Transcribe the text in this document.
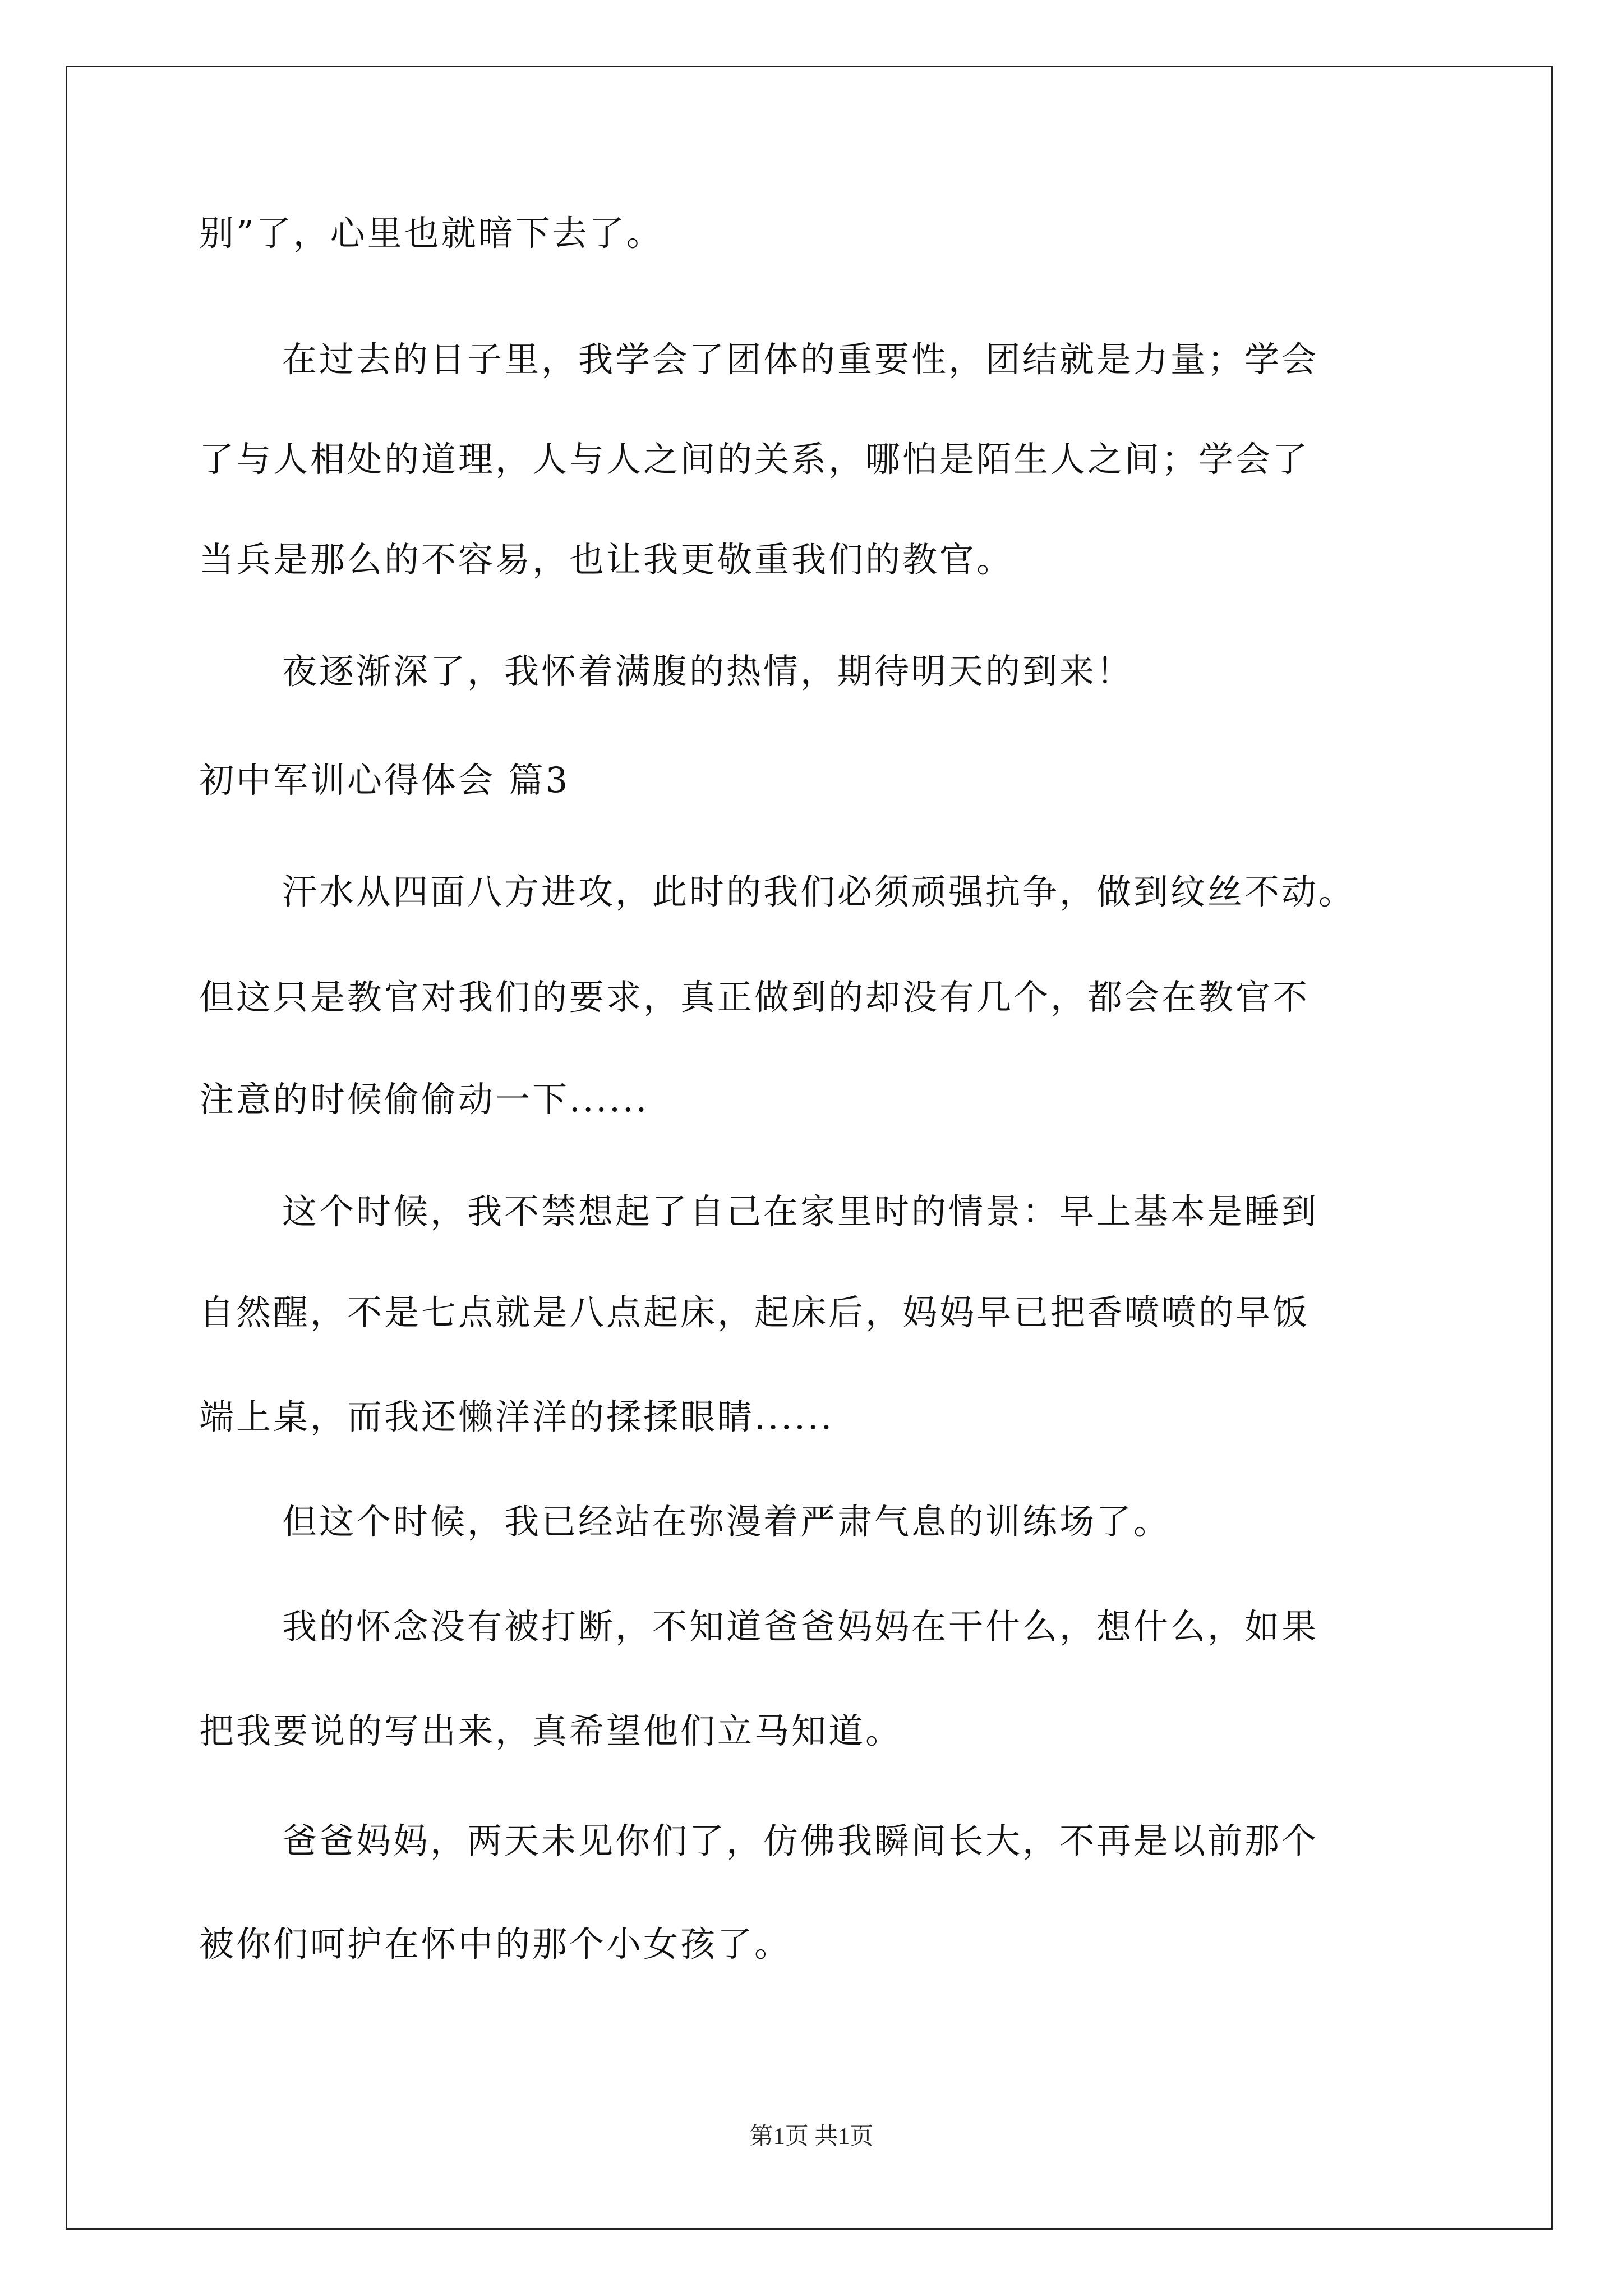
别”了，心里也就暗下去了。
在过去的日子里，我学会了团体的重要性，团结就是力量；学会
了与人相处的道理，人与人之间的关系，哪怕是陌生人之间；学会了
当兵是那么的不容易，也让我更敬重我们的教官。
夜逐渐深了，我怀着满腹的热情，期待明天的到来！
初中军训心得体会 篇3
汗水从四面八方进攻，此时的我们必须顽强抗争，做到纹丝不动。
但这只是教官对我们的要求，真正做到的却没有几个，都会在教官不
注意的时候偷偷动一下......
这个时候，我不禁想起了自己在家里时的情景：早上基本是睡到
自然醒，不是七点就是八点起床，起床后，妈妈早已把香喷喷的早饭
端上桌，而我还懒洋洋的揉揉眼睛......
但这个时候，我已经站在弥漫着严肃气息的训练场了。
我的怀念没有被打断，不知道爸爸妈妈在干什么，想什么，如果
把我要说的写出来，真希望他们立马知道。
爸爸妈妈，两天未见你们了，仿佛我瞬间长大，不再是以前那个
被你们呵护在怀中的那个小女孩了。
第1页 共1页
